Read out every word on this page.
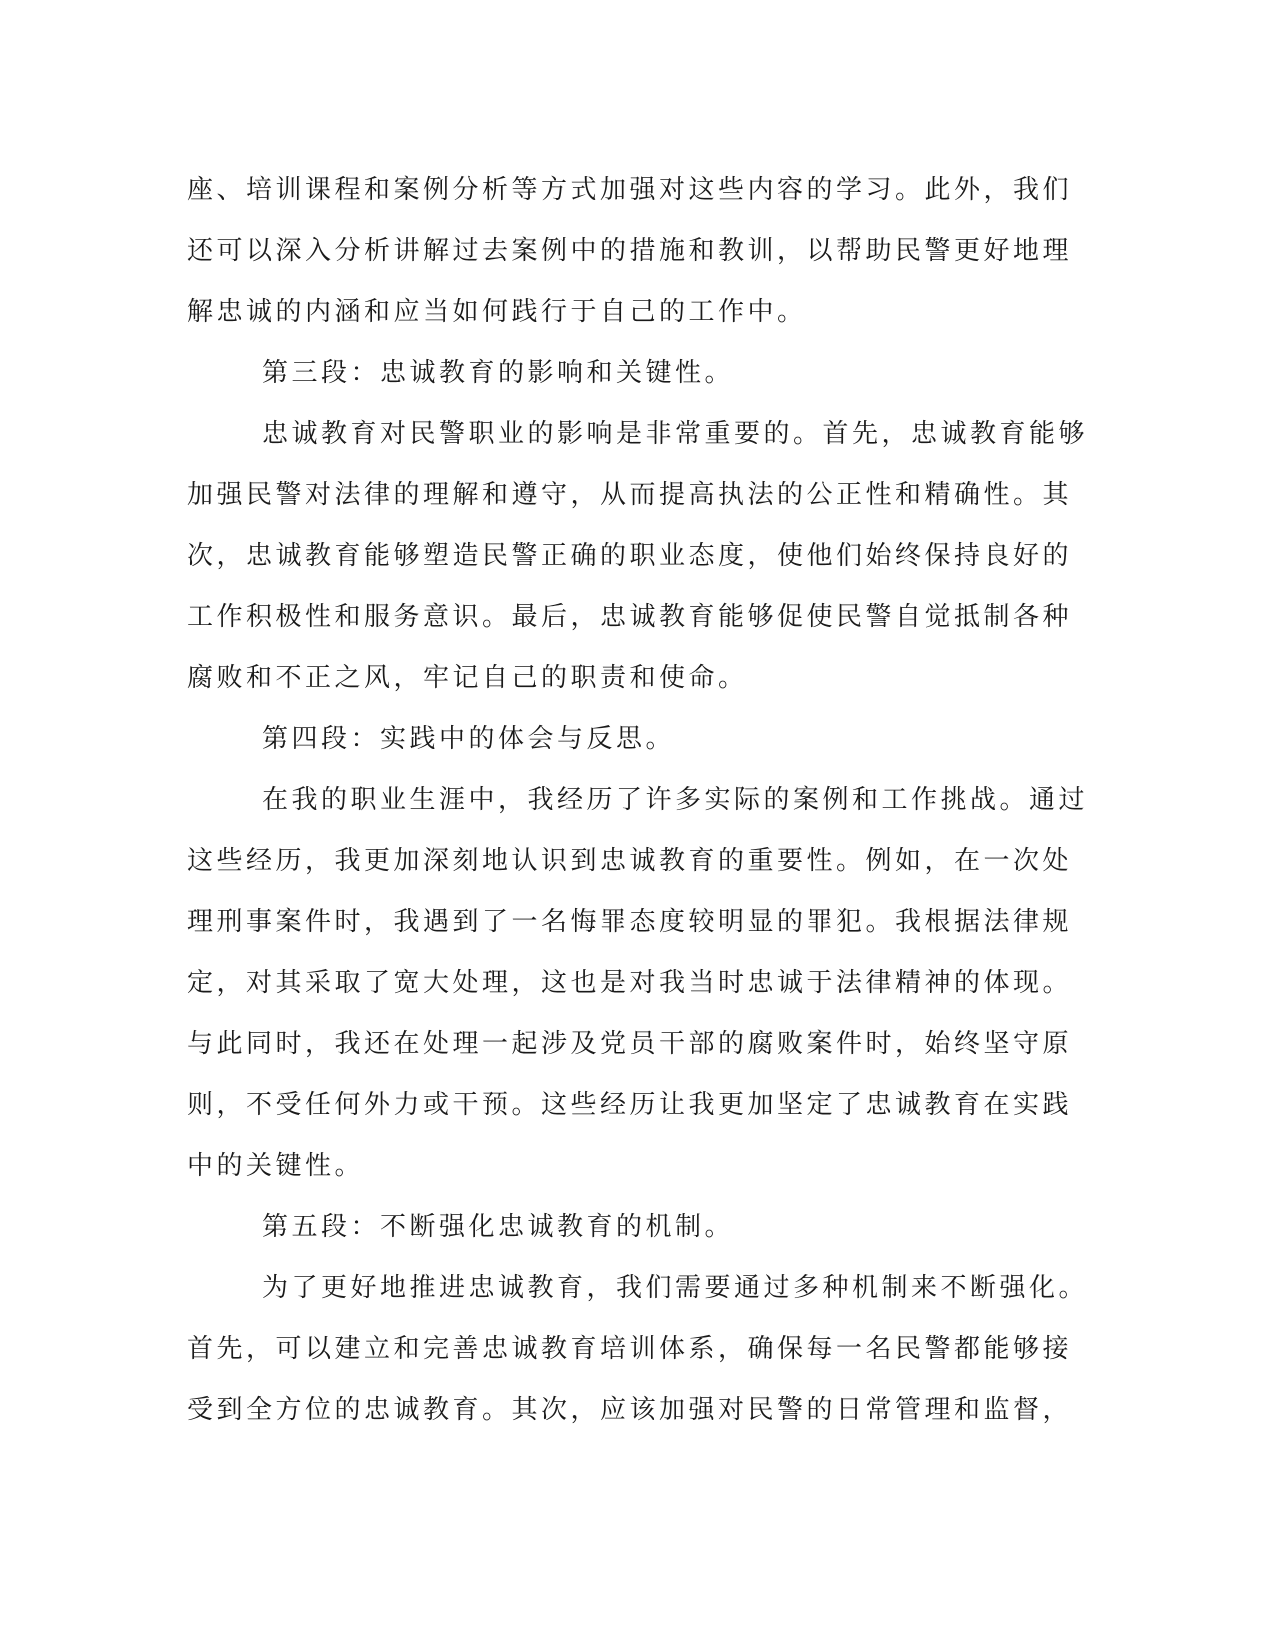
座、培训课程和案例分析等方式加强对这些内容的学习。此外，我们
还可以深入分析讲解过去案例中的措施和教训，以帮助民警更好地理
解忠诚的内涵和应当如何践行于自己的工作中。
第三段：忠诚教育的影响和关键性。
忠诚教育对民警职业的影响是非常重要的。首先，忠诚教育能够
加强民警对法律的理解和遵守，从而提高执法的公正性和精确性。其
次，忠诚教育能够塑造民警正确的职业态度，使他们始终保持良好的
工作积极性和服务意识。最后，忠诚教育能够促使民警自觉抵制各种
腐败和不正之风，牢记自己的职责和使命。
第四段：实践中的体会与反思。
在我的职业生涯中，我经历了许多实际的案例和工作挑战。通过
这些经历，我更加深刻地认识到忠诚教育的重要性。例如，在一次处
理刑事案件时，我遇到了一名悔罪态度较明显的罪犯。我根据法律规
定，对其采取了宽大处理，这也是对我当时忠诚于法律精神的体现。
与此同时，我还在处理一起涉及党员干部的腐败案件时，始终坚守原
则，不受任何外力或干预。这些经历让我更加坚定了忠诚教育在实践
中的关键性。
第五段：不断强化忠诚教育的机制。
为了更好地推进忠诚教育，我们需要通过多种机制来不断强化。
首先，可以建立和完善忠诚教育培训体系，确保每一名民警都能够接
受到全方位的忠诚教育。其次，应该加强对民警的日常管理和监督，
